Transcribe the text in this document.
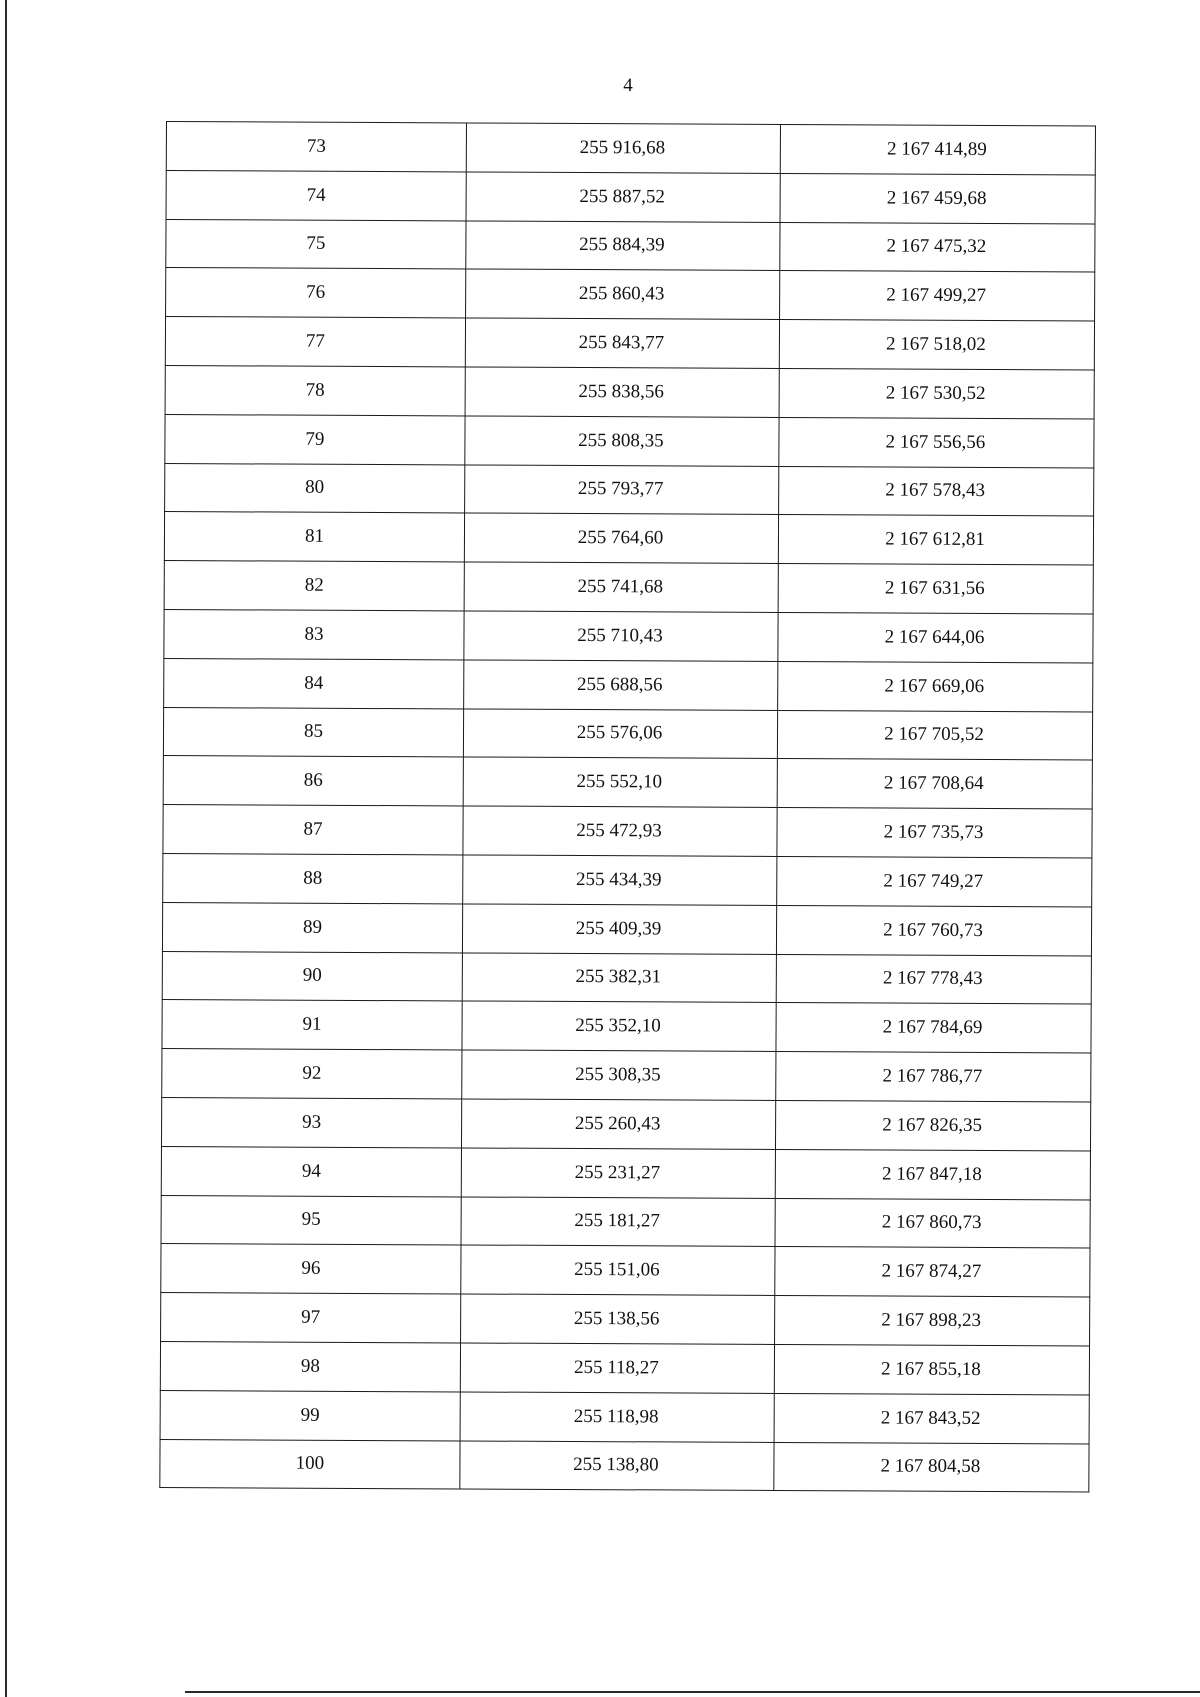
4
73	255 916,68	2 167 414,89
74	255 887,52	2 167 459,68
75	255 884,39	2 167 475,32
76	255 860,43	2 167 499,27
77	255 843,77	2 167 518,02
78	255 838,56	2 167 530,52
79	255 808,35	2 167 556,56
80	255 793,77	2 167 578,43
81	255 764,60	2 167 612,81
82	255 741,68	2 167 631,56
83	255 710,43	2 167 644,06
84	255 688,56	2 167 669,06
85	255 576,06	2 167 705,52
86	255 552,10	2 167 708,64
87	255 472,93	2 167 735,73
88	255 434,39	2 167 749,27
89	255 409,39	2 167 760,73
90	255 382,31	2 167 778,43
91	255 352,10	2 167 784,69
92	255 308,35	2 167 786,77
93	255 260,43	2 167 826,35
94	255 231,27	2 167 847,18
95	255 181,27	2 167 860,73
96	255 151,06	2 167 874,27
97	255 138,56	2 167 898,23
98	255 118,27	2 167 855,18
99	255 118,98	2 167 843,52
100	255 138,80	2 167 804,58
